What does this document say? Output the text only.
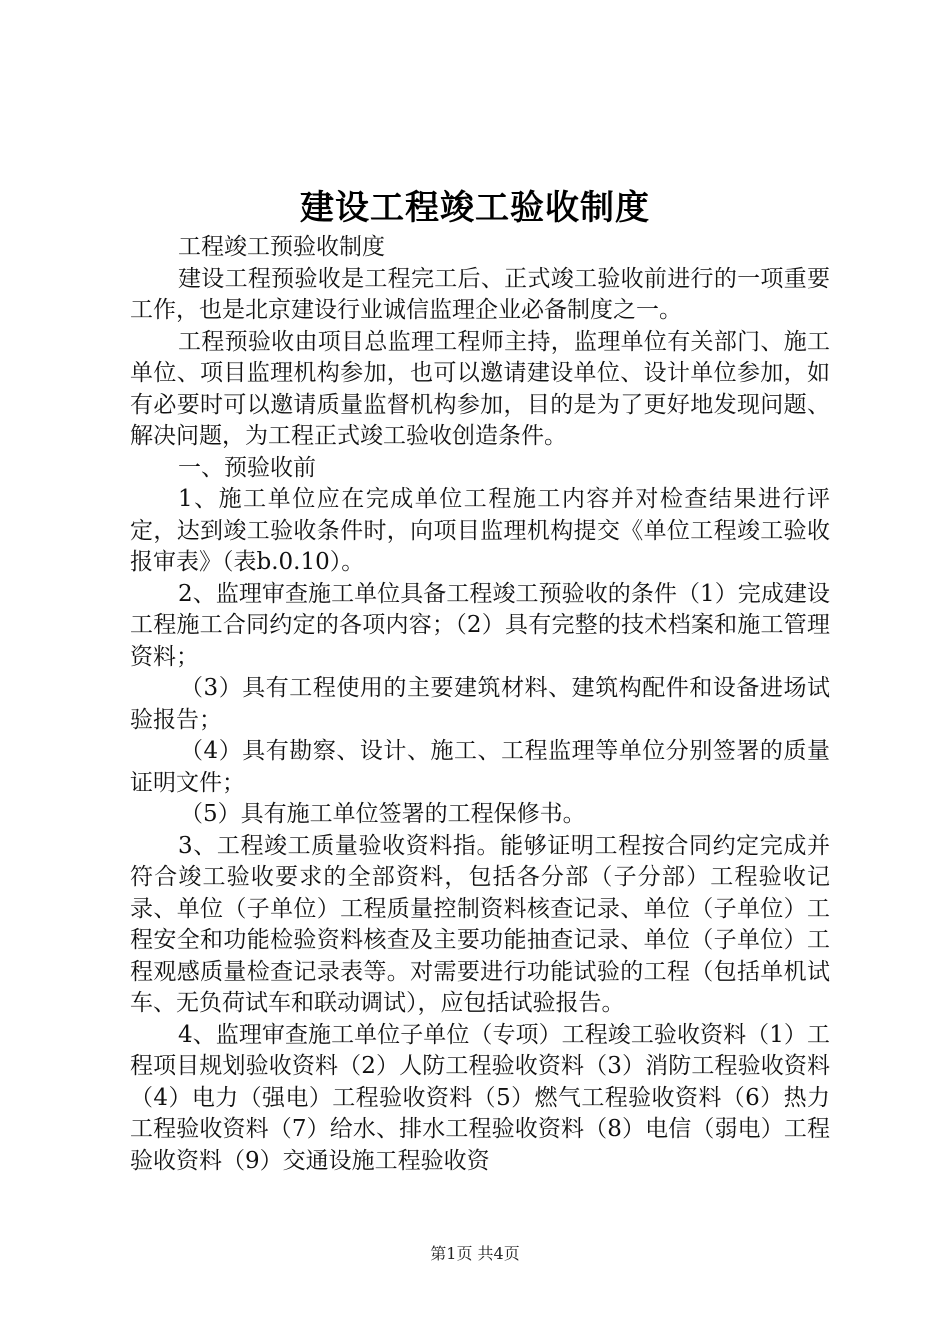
建设工程竣工验收制度

工程竣工预验收制度

建设工程预验收是工程完工后、正式竣工验收前进行的一项重要工作，也是北京建设行业诚信监理企业必备制度之一。

工程预验收由项目总监理工程师主持，监理单位有关部门、施工单位、项目监理机构参加，也可以邀请建设单位、设计单位参加，如有必要时可以邀请质量监督机构参加，目的是为了更好地发现问题、解决问题，为工程正式竣工验收创造条件。

一、预验收前

1、施工单位应在完成单位工程施工内容并对检查结果进行评定，达到竣工验收条件时，向项目监理机构提交《单位工程竣工验收报审表》（表b.0.10）。

2、监理审查施工单位具备工程竣工预验收的条件（1）完成建设工程施工合同约定的各项内容；（2）具有完整的技术档案和施工管理资料；

（3）具有工程使用的主要建筑材料、建筑构配件和设备进场试验报告；

（4）具有勘察、设计、施工、工程监理等单位分别签署的质量证明文件；

（5）具有施工单位签署的工程保修书。

3、工程竣工质量验收资料指。能够证明工程按合同约定完成并符合竣工验收要求的全部资料，包括各分部（子分部）工程验收记录、单位（子单位）工程质量控制资料核查记录、单位（子单位）工程安全和功能检验资料核查及主要功能抽查记录、单位（子单位）工程观感质量检查记录表等。对需要进行功能试验的工程（包括单机试车、无负荷试车和联动调试），应包括试验报告。

4、监理审查施工单位子单位（专项）工程竣工验收资料（1）工程项目规划验收资料（2）人防工程验收资料（3）消防工程验收资料（4）电力（强电）工程验收资料（5）燃气工程验收资料（6）热力工程验收资料（7）给水、排水工程验收资料（8）电信（弱电）工程验收资料（9）交通设施工程验收资

第1页 共4页
